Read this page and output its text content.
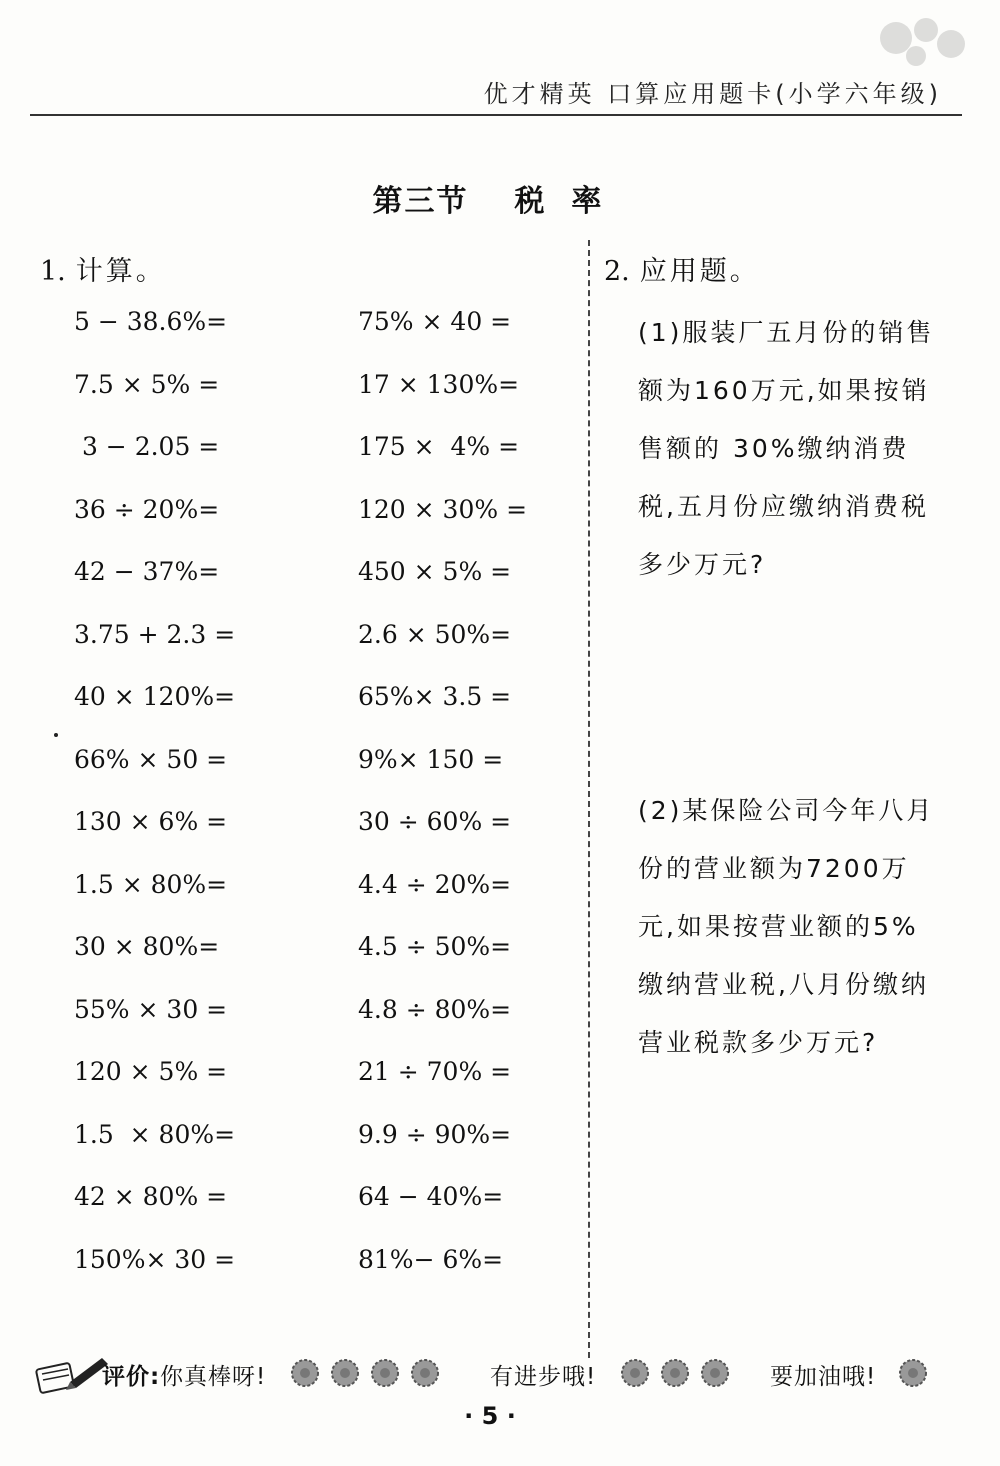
优才精英 口算应用题卡(小学六年级)
第三节 税  率
1. 计算。
5 − 38.6%=	75% × 40 =
7.5 × 5% =	17 × 130%=
3 − 2.05 =	175 ×  4% =
36 ÷ 20%=	120 × 30% =
42 − 37%=	450 × 5% =
3.75 + 2.3 =	2.6 × 50%=
40 × 120%=	65%× 3.5 =
66% × 50 =	9%× 150 =
130 × 6% =	30 ÷ 60% =
1.5 × 80%=	4.4 ÷ 20%=
30 × 80%=	4.5 ÷ 50%=
55% × 30 =	4.8 ÷ 80%=
120 × 5% =	21 ÷ 70% =
1.5  × 80%=	9.9 ÷ 90%=
42 × 80% =	64 − 40%=
150%× 30 =	81%− 6%=
2. 应用题。
(1)服装厂五月份的销售额为160万元,如果按销售额的 30%缴纳消费税,五月份应缴纳消费税多少万元?
(2)某保险公司今年八月份的营业额为7200万元,如果按营业额的5%缴纳营业税,八月份缴纳营业税款多少万元?
评价: 你真棒呀!	有进步哦!	要加油哦!
· 5 ·
